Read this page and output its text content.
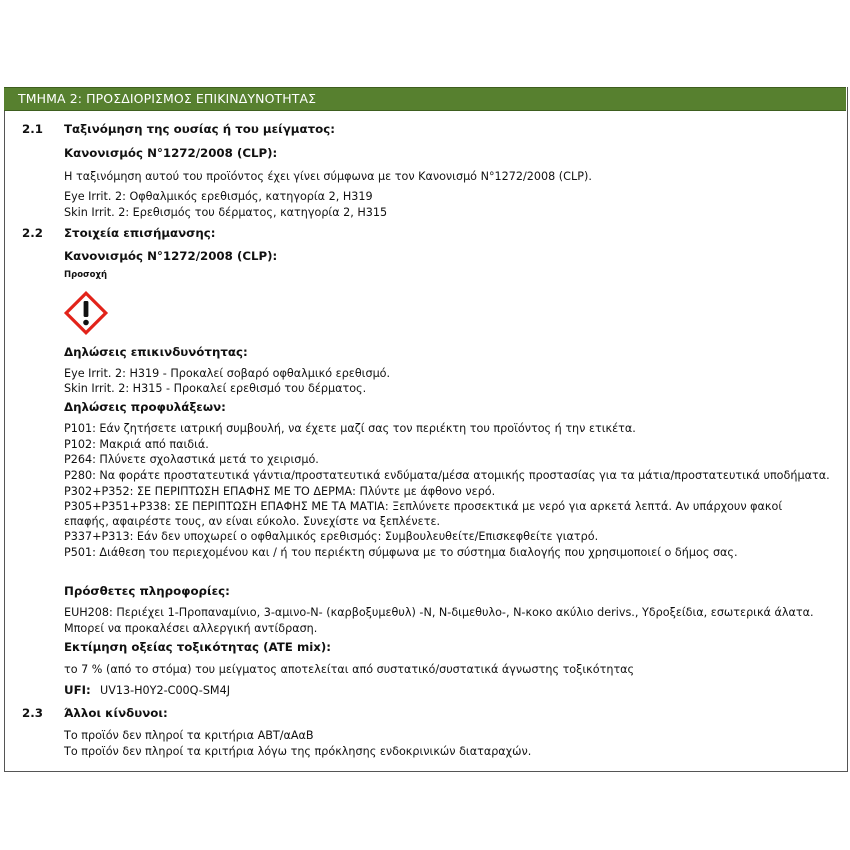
ΤΜΗΜΑ 2: ΠΡΟΣΔΙΟΡΙΣΜΟΣ ΕΠΙΚΙΝΔΥΝΟΤΗΤΑΣ
2.1 Ταξινόμηση της ουσίας ή του μείγματος:
Κανονισμός Ν°1272/2008 (CLP):
Η ταξινόμηση αυτού του προϊόντος έχει γίνει σύμφωνα με τον Κανονισμό Ν°1272/2008 (CLP).
Eye Irrit. 2: Οφθαλμικός ερεθισμός, κατηγορία 2, H319
Skin Irrit. 2: Ερεθισμός του δέρματος, κατηγορία 2, H315
2.2 Στοιχεία επισήμανσης:
Κανονισμός Ν°1272/2008 (CLP):
Προσοχή
Δηλώσεις επικινδυνότητας:
Eye Irrit. 2: H319 - Προκαλεί σοβαρό οφθαλμικό ερεθισμό.
Skin Irrit. 2: H315 - Προκαλεί ερεθισμό του δέρματος.
Δηλώσεις προφυλάξεων:
P101: Εάν ζητήσετε ιατρική συμβουλή, να έχετε μαζί σας τον περιέκτη του προϊόντος ή την ετικέτα.
P102: Μακριά από παιδιά.
P264: Πλύνετε σχολαστικά μετά το χειρισμό.
P280: Να φοράτε προστατευτικά γάντια/προστατευτικά ενδύματα/μέσα ατομικής προστασίας για τα μάτια/προστατευτικά υποδήματα.
P302+P352: ΣΕ ΠΕΡΙΠΤΩΣΗ ΕΠΑΦΗΣ ΜΕ ΤΟ ΔΕΡΜΑ: Πλύντε με άφθονο νερό.
P305+P351+P338: ΣΕ ΠΕΡΙΠΤΩΣΗ ΕΠΑΦΗΣ ΜΕ ΤΑ ΜΑΤΙΑ: Ξεπλύνετε προσεκτικά με νερό για αρκετά λεπτά. Αν υπάρχουν φακοί
επαφής, αφαιρέστε τους, αν είναι εύκολο. Συνεχίστε να ξεπλένετε.
P337+P313: Εάν δεν υποχωρεί ο οφθαλμικός ερεθισμός: Συμβουλευθείτε/Επισκεφθείτε γιατρό.
P501: Διάθεση του περιεχομένου και / ή του περιέκτη σύμφωνα με το σύστημα διαλογής που χρησιμοποιεί ο δήμος σας.
Πρόσθετες πληροφορίες:
EUH208: Περιέχει 1-Προπαναμίνιο, 3-αμινο-N- (καρβοξυμεθυλ) -N, N-διμεθυλο-, N-κοκο ακύλιο derivs., Υδροξείδια, εσωτερικά άλατα.
Μπορεί να προκαλέσει αλλεργική αντίδραση.
Εκτίμηση οξείας τοξικότητας (ATE mix):
το 7 % (από το στόμα) του μείγματος αποτελείται από συστατικό/συστατικά άγνωστης τοξικότητας
UFI: UV13-H0Y2-C00Q-SM4J
2.3 Άλλοι κίνδυνοι:
Το προϊόν δεν πληροί τα κριτήρια ΑΒΤ/αΑαΒ
Το προϊόν δεν πληροί τα κριτήρια λόγω της πρόκλησης ενδοκρινικών διαταραχών.
